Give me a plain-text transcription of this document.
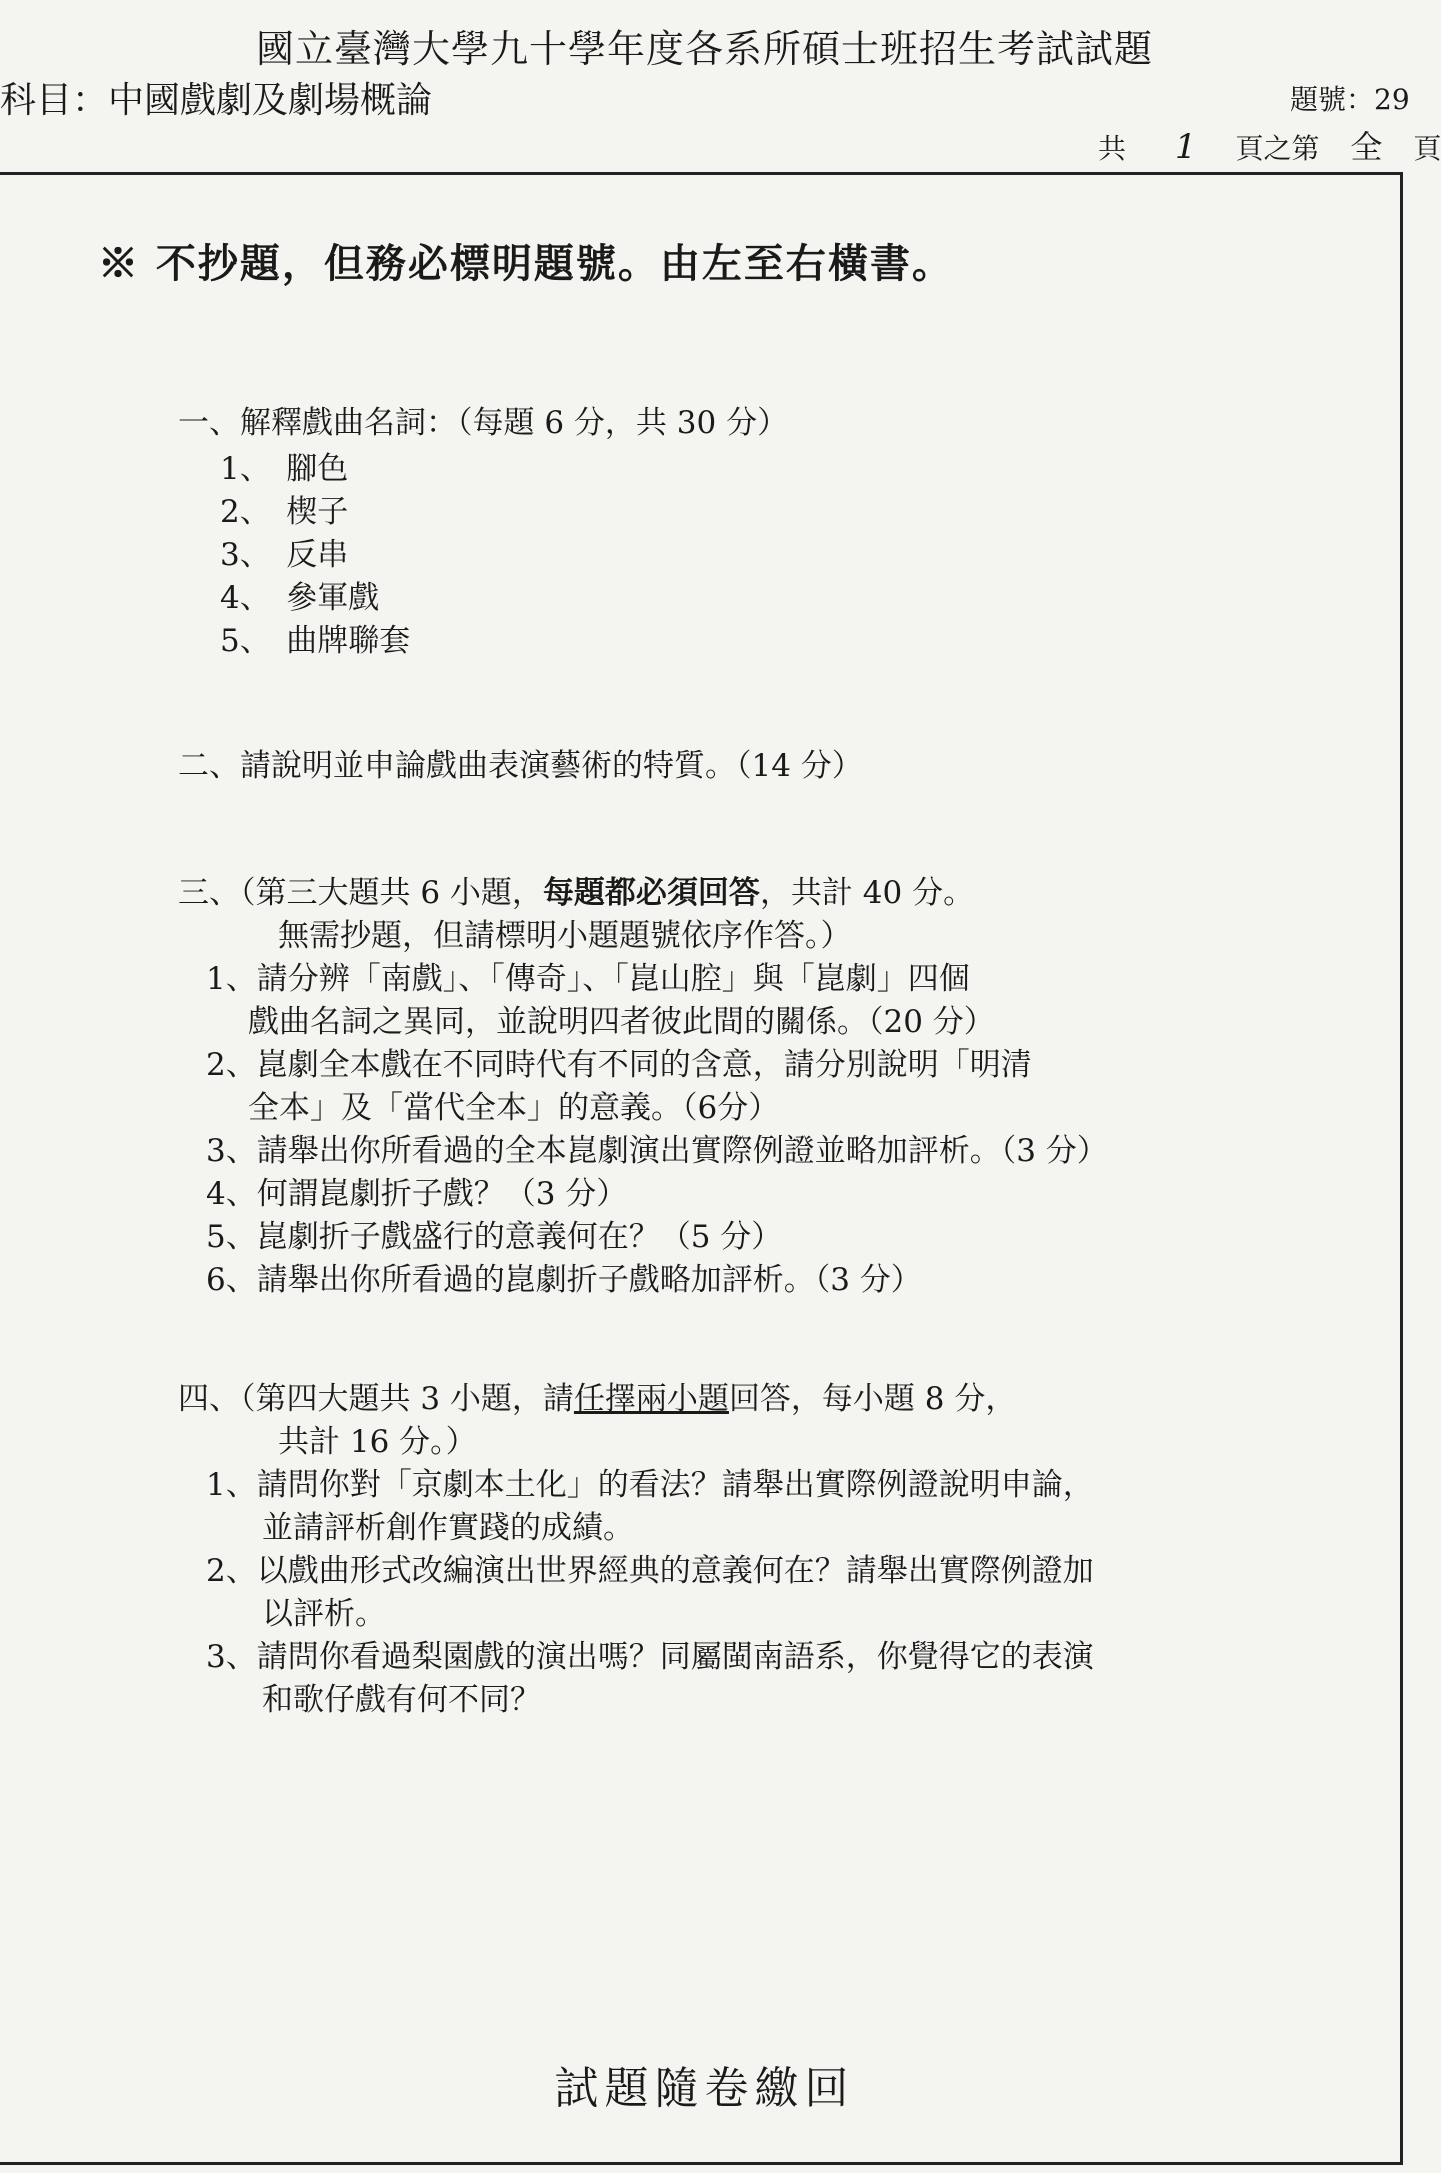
國立臺灣大學九十學年度各系所碩士班招生考試試題
科目：中國戲劇及劇場概論	題號：29
共 1 頁之第 全 頁
※ 不抄題，但務必標明題號。由左至右橫書。
一、解釋戲曲名詞：（每題 6 分，共 30 分）
1、　腳色
2、　楔子
3、　反串
4、　參軍戲
5、　曲牌聯套
二、請說明並申論戲曲表演藝術的特質。（14 分）
三、（第三大題共 6 小題，每題都必須回答，共計 40 分。
無需抄題，但請標明小題題號依序作答。）
1、請分辨「南戲」、「傳奇」、「崑山腔」與「崑劇」四個
戲曲名詞之異同，並說明四者彼此間的關係。（20 分）
2、崑劇全本戲在不同時代有不同的含意，請分別說明「明清
全本」及「當代全本」的意義。（6分）
3、請舉出你所看過的全本崑劇演出實際例證並略加評析。（3 分）
4、何謂崑劇折子戲？（3 分）
5、崑劇折子戲盛行的意義何在？（5 分）
6、請舉出你所看過的崑劇折子戲略加評析。（3 分）
四、（第四大題共 3 小題，請任擇兩小題回答，每小題 8 分，
共計 16 分。）
1、請問你對「京劇本土化」的看法？請舉出實際例證說明申論，
並請評析創作實踐的成績。
2、以戲曲形式改編演出世界經典的意義何在？請舉出實際例證加
以評析。
3、請問你看過梨園戲的演出嗎？同屬閩南語系，你覺得它的表演
和歌仔戲有何不同？
試題隨卷繳回
